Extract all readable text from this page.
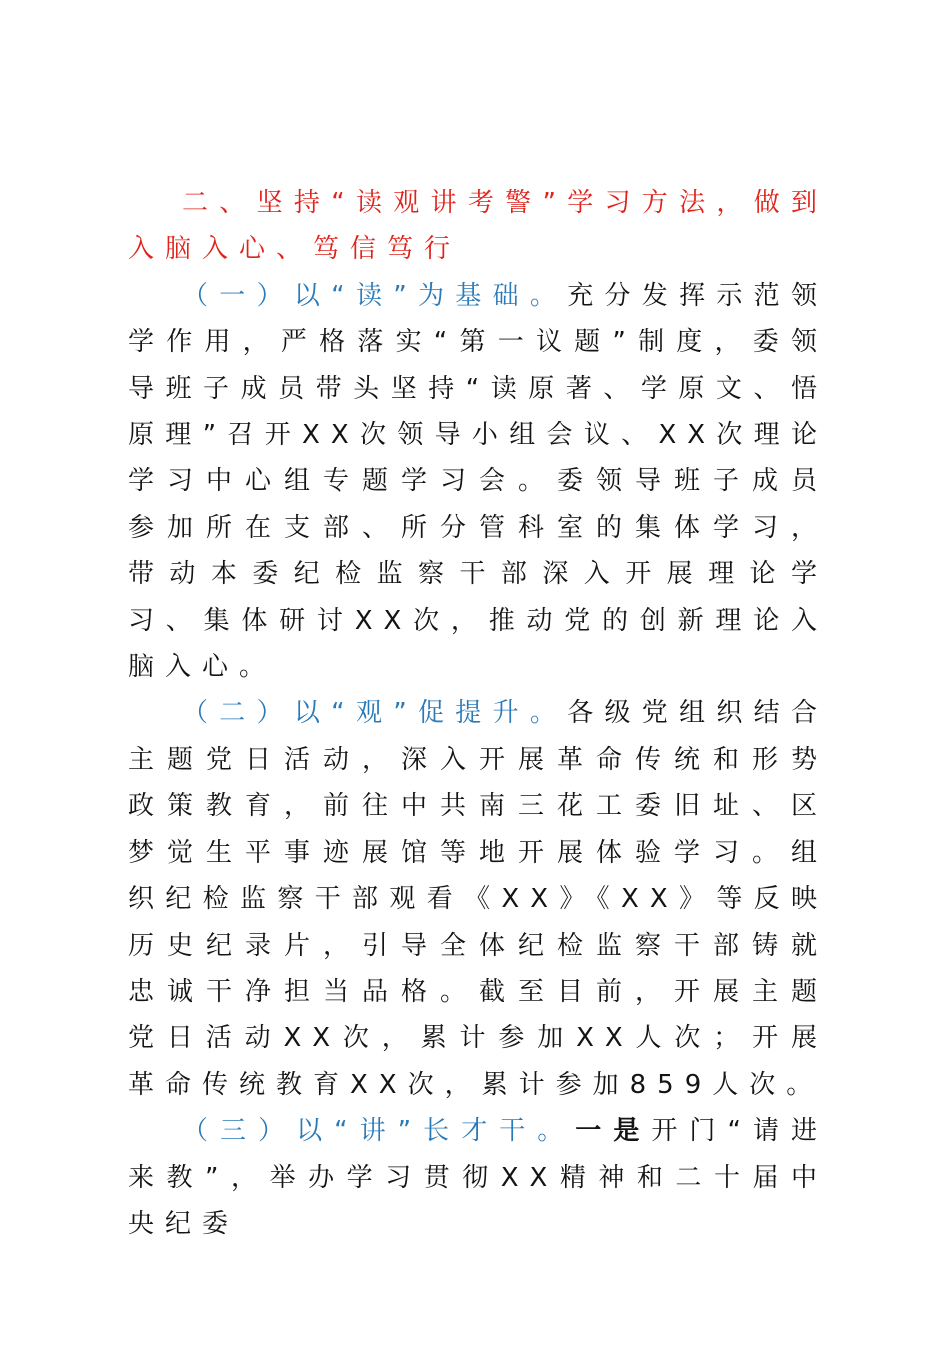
二、坚持“读观讲考警”学习方法，做到入脑入心、笃信笃行

（一）以“读”为基础。充分发挥示范领学作用，严格落实“第一议题”制度，委领导班子成员带头坚持“读原著、学原文、悟原理”召开XX次领导小组会议、XX次理论学习中心组专题学习会。委领导班子成员参加所在支部、所分管科室的集体学习，带动本委纪检监察干部深入开展理论学习、集体研讨XX次，推动党的创新理论入脑入心。

（二）以“观”促提升。各级党组织结合主题党日活动，深入开展革命传统和形势政策教育，前往中共南三花工委旧址、区梦觉生平事迹展馆等地开展体验学习。组织纪检监察干部观看《XX》《XX》等反映历史纪录片，引导全体纪检监察干部铸就忠诚干净担当品格。截至目前，开展主题党日活动XX次，累计参加XX人次；开展革命传统教育XX次，累计参加859人次。

（三）以“讲”长才干。一是开门“请进来教”，举办学习贯彻XX精神和二十届中央纪委
